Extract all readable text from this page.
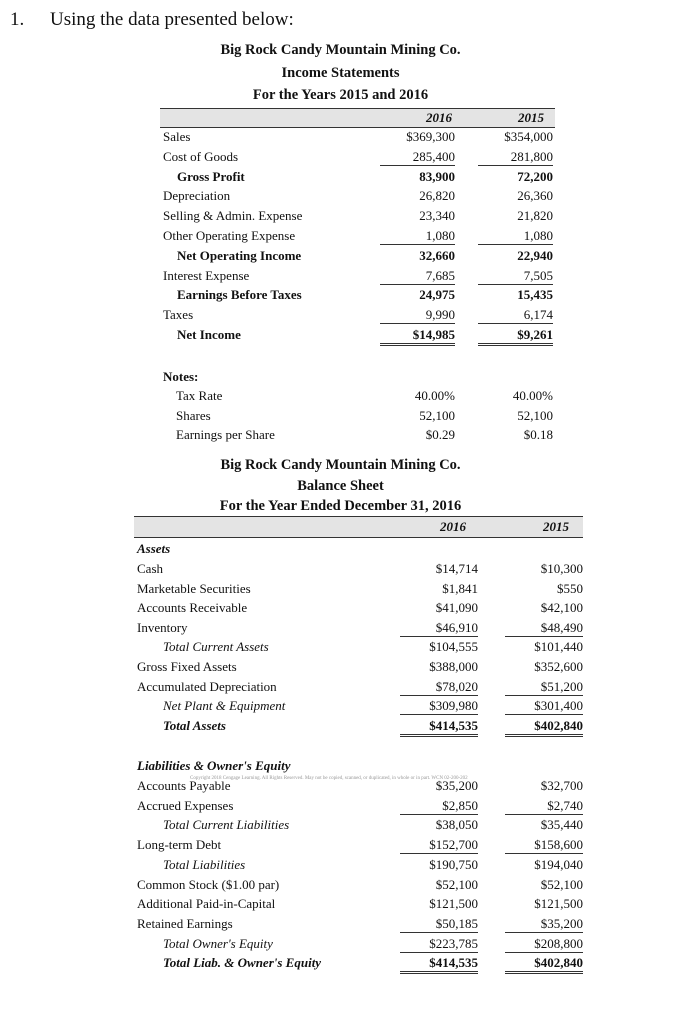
1. Using the data presented below:
Big Rock Candy Mountain Mining Co.
Income Statements
For the Years 2015 and 2016
2016	2015
Sales	$369,300	$354,000
Cost of Goods	285,400	281,800
Gross Profit	83,900	72,200
Depreciation	26,820	26,360
Selling & Admin. Expense	23,340	21,820
Other Operating Expense	1,080	1,080
Net Operating Income	32,660	22,940
Interest Expense	7,685	7,505
Earnings Before Taxes	24,975	15,435
Taxes	9,990	6,174
Net Income	$14,985	$9,261
Notes:
Tax Rate	40.00%	40.00%
Shares	52,100	52,100
Earnings per Share	$0.29	$0.18
Big Rock Candy Mountain Mining Co.
Balance Sheet
For the Year Ended December 31, 2016
2016	2015
Assets
Cash	$14,714	$10,300
Marketable Securities	$1,841	$550
Accounts Receivable	$41,090	$42,100
Inventory	$46,910	$48,490
Total Current Assets	$104,555	$101,440
Gross Fixed Assets	$388,000	$352,600
Accumulated Depreciation	$78,020	$51,200
Net Plant & Equipment	$309,980	$301,400
Total Assets	$414,535	$402,840
Liabilities & Owner's Equity
Copyright 2018 Cengage Learning. All Rights Reserved. May not be copied, scanned, or duplicated, in whole or in part. WCN 02-200-202
Accounts Payable	$35,200	$32,700
Accrued Expenses	$2,850	$2,740
Total Current Liabilities	$38,050	$35,440
Long-term Debt	$152,700	$158,600
Total Liabilities	$190,750	$194,040
Common Stock ($1.00 par)	$52,100	$52,100
Additional Paid-in-Capital	$121,500	$121,500
Retained Earnings	$50,185	$35,200
Total Owner's Equity	$223,785	$208,800
Total Liab. & Owner's Equity	$414,535	$402,840
